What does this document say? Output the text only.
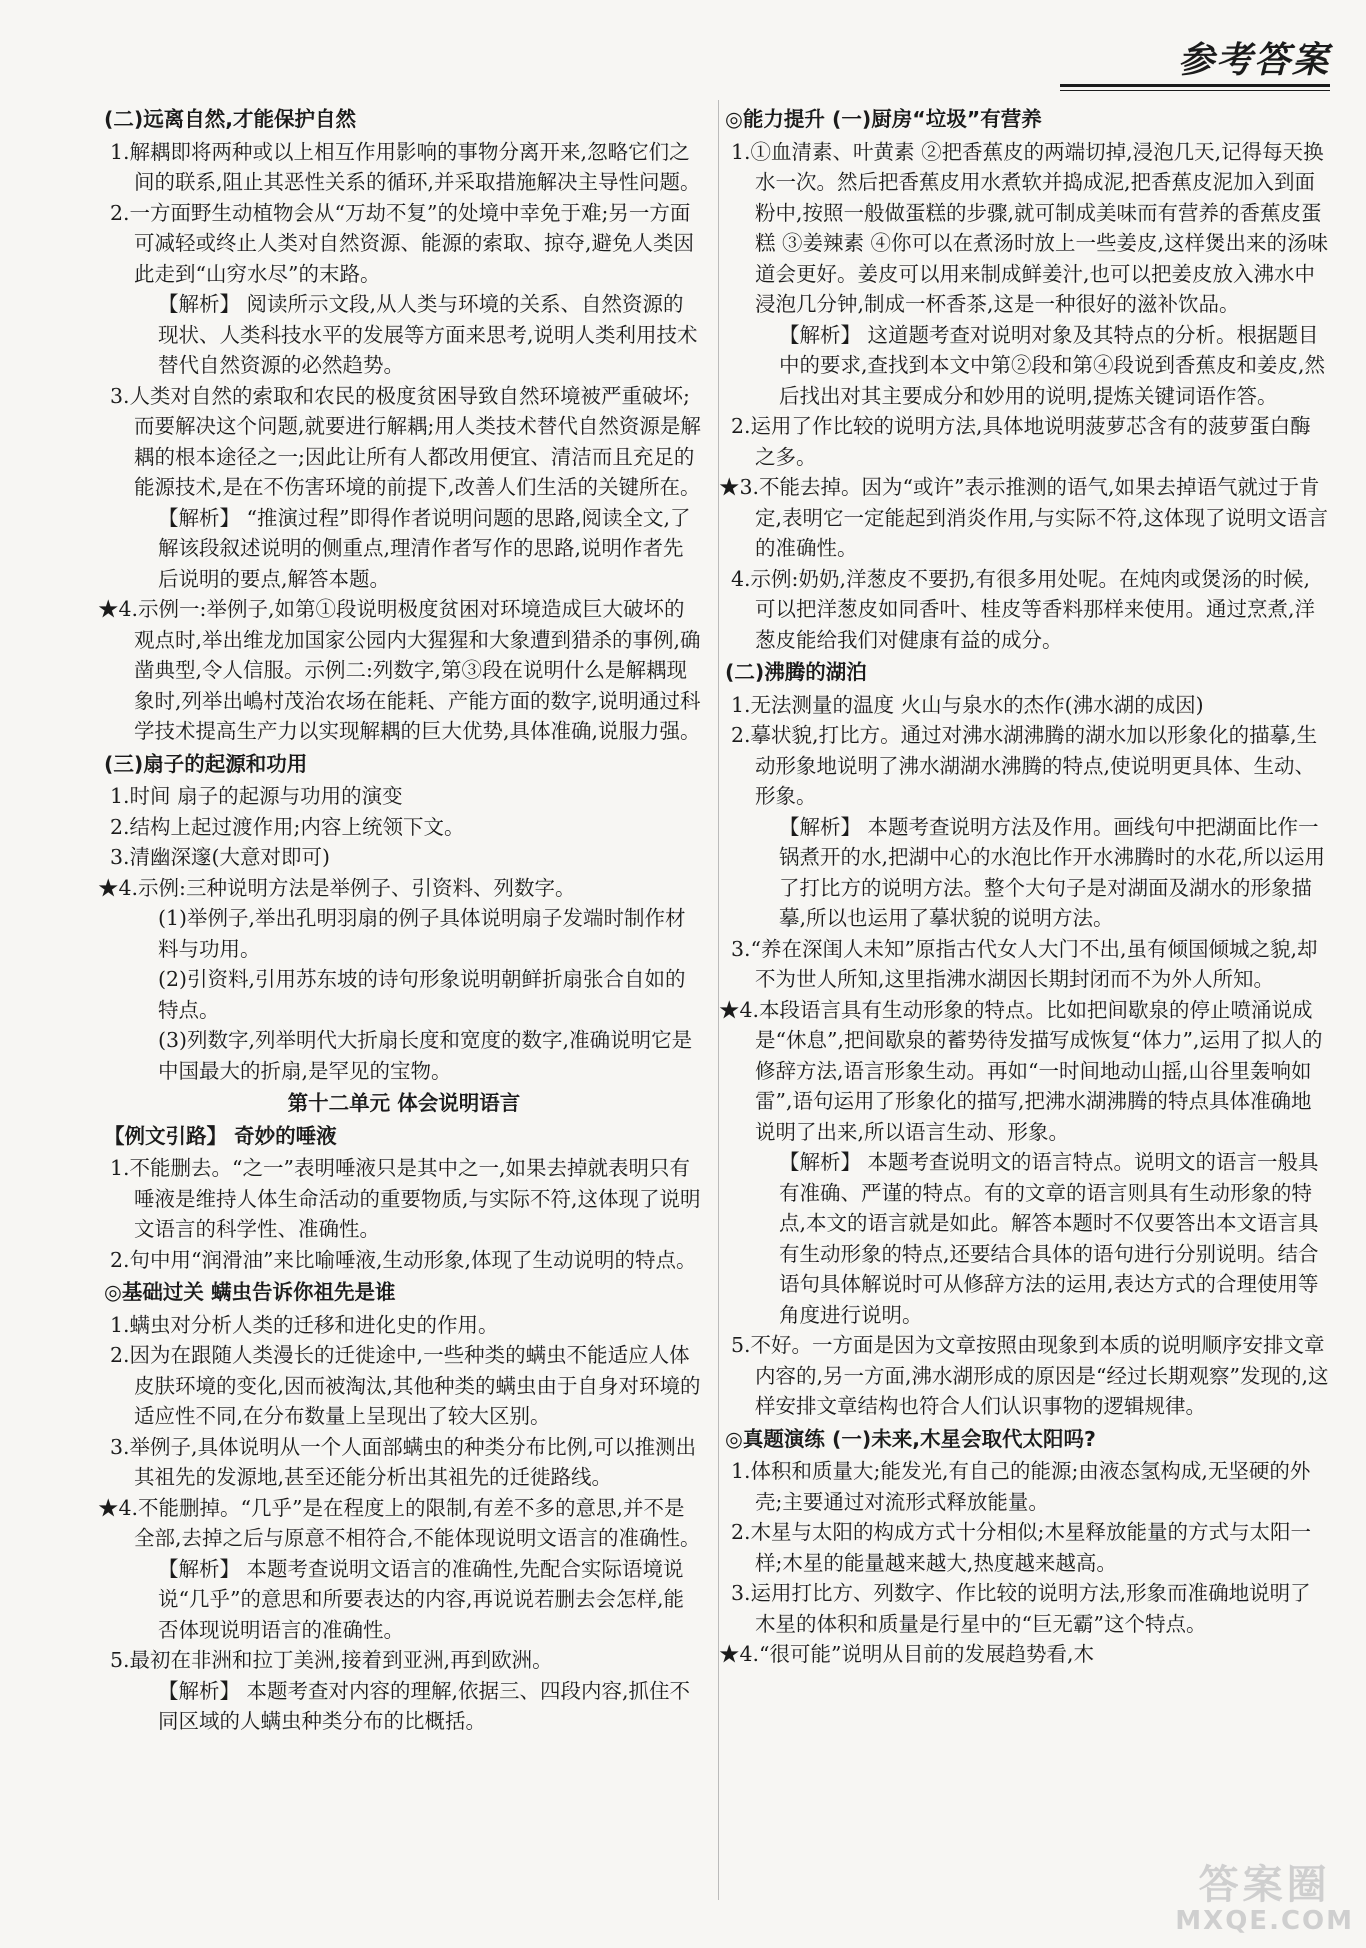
参考答案
(二)远离自然,才能保护自然
1.解耦即将两种或以上相互作用影响的事物分离开来,忽略它们之间的联系,阻止其恶性关系的循环,并采取措施解决主导性问题。
2.一方面野生动植物会从“万劫不复”的处境中幸免于难;另一方面可减轻或终止人类对自然资源、能源的索取、掠夺,避免人类因此走到“山穷水尽”的末路。
【解析】 阅读所示文段,从人类与环境的关系、自然资源的现状、人类科技水平的发展等方面来思考,说明人类利用技术替代自然资源的必然趋势。
3.人类对自然的索取和农民的极度贫困导致自然环境被严重破坏;而要解决这个问题,就要进行解耦;用人类技术替代自然资源是解耦的根本途径之一;因此让所有人都改用便宜、清洁而且充足的能源技术,是在不伤害环境的前提下,改善人们生活的关键所在。
【解析】 “推演过程”即得作者说明问题的思路,阅读全文,了解该段叙述说明的侧重点,理清作者写作的思路,说明作者先后说明的要点,解答本题。
★4.示例一:举例子,如第①段说明极度贫困对环境造成巨大破坏的观点时,举出维龙加国家公园内大猩猩和大象遭到猎杀的事例,确凿典型,令人信服。示例二:列数字,第③段在说明什么是解耦现象时,列举出嶋村茂治农场在能耗、产能方面的数字,说明通过科学技术提高生产力以实现解耦的巨大优势,具体准确,说服力强。
(三)扇子的起源和功用
1.时间 扇子的起源与功用的演变
2.结构上起过渡作用;内容上统领下文。
3.清幽深邃(大意对即可)
★4.示例:三种说明方法是举例子、引资料、列数字。
(1)举例子,举出孔明羽扇的例子具体说明扇子发端时制作材料与功用。
(2)引资料,引用苏东坡的诗句形象说明朝鲜折扇张合自如的特点。
(3)列数字,列举明代大折扇长度和宽度的数字,准确说明它是中国最大的折扇,是罕见的宝物。
第十二单元 体会说明语言
【例文引路】 奇妙的唾液
1.不能删去。“之一”表明唾液只是其中之一,如果去掉就表明只有唾液是维持人体生命活动的重要物质,与实际不符,这体现了说明文语言的科学性、准确性。
2.句中用“润滑油”来比喻唾液,生动形象,体现了生动说明的特点。
◎基础过关 螨虫告诉你祖先是谁
1.螨虫对分析人类的迁移和进化史的作用。
2.因为在跟随人类漫长的迁徙途中,一些种类的螨虫不能适应人体皮肤环境的变化,因而被淘汰,其他种类的螨虫由于自身对环境的适应性不同,在分布数量上呈现出了较大区别。
3.举例子,具体说明从一个人面部螨虫的种类分布比例,可以推测出其祖先的发源地,甚至还能分析出其祖先的迁徙路线。
★4.不能删掉。“几乎”是在程度上的限制,有差不多的意思,并不是全部,去掉之后与原意不相符合,不能体现说明文语言的准确性。
【解析】 本题考查说明文语言的准确性,先配合实际语境说说“几乎”的意思和所要表达的内容,再说说若删去会怎样,能否体现说明语言的准确性。
5.最初在非洲和拉丁美洲,接着到亚洲,再到欧洲。
【解析】 本题考查对内容的理解,依据三、四段内容,抓住不同区域的人螨虫种类分布的比概括。
◎能力提升 (一)厨房“垃圾”有营养
1.①血清素、叶黄素 ②把香蕉皮的两端切掉,浸泡几天,记得每天换水一次。然后把香蕉皮用水煮软并捣成泥,把香蕉皮泥加入到面粉中,按照一般做蛋糕的步骤,就可制成美味而有营养的香蕉皮蛋糕 ③姜辣素 ④你可以在煮汤时放上一些姜皮,这样煲出来的汤味道会更好。姜皮可以用来制成鲜姜汁,也可以把姜皮放入沸水中浸泡几分钟,制成一杯香茶,这是一种很好的滋补饮品。
【解析】 这道题考查对说明对象及其特点的分析。根据题目中的要求,查找到本文中第②段和第④段说到香蕉皮和姜皮,然后找出对其主要成分和妙用的说明,提炼关键词语作答。
2.运用了作比较的说明方法,具体地说明菠萝芯含有的菠萝蛋白酶之多。
★3.不能去掉。因为“或许”表示推测的语气,如果去掉语气就过于肯定,表明它一定能起到消炎作用,与实际不符,这体现了说明文语言的准确性。
4.示例:奶奶,洋葱皮不要扔,有很多用处呢。在炖肉或煲汤的时候,可以把洋葱皮如同香叶、桂皮等香料那样来使用。通过烹煮,洋葱皮能给我们对健康有益的成分。
(二)沸腾的湖泊
1.无法测量的温度 火山与泉水的杰作(沸水湖的成因)
2.摹状貌,打比方。通过对沸水湖沸腾的湖水加以形象化的描摹,生动形象地说明了沸水湖湖水沸腾的特点,使说明更具体、生动、形象。
【解析】 本题考查说明方法及作用。画线句中把湖面比作一锅煮开的水,把湖中心的水泡比作开水沸腾时的水花,所以运用了打比方的说明方法。整个大句子是对湖面及湖水的形象描摹,所以也运用了摹状貌的说明方法。
3.“养在深闺人未知”原指古代女人大门不出,虽有倾国倾城之貌,却不为世人所知,这里指沸水湖因长期封闭而不为外人所知。
★4.本段语言具有生动形象的特点。比如把间歇泉的停止喷涌说成是“休息”,把间歇泉的蓄势待发描写成恢复“体力”,运用了拟人的修辞方法,语言形象生动。再如“一时间地动山摇,山谷里轰响如雷”,语句运用了形象化的描写,把沸水湖沸腾的特点具体准确地说明了出来,所以语言生动、形象。
【解析】 本题考查说明文的语言特点。说明文的语言一般具有准确、严谨的特点。有的文章的语言则具有生动形象的特点,本文的语言就是如此。解答本题时不仅要答出本文语言具有生动形象的特点,还要结合具体的语句进行分别说明。结合语句具体解说时可从修辞方法的运用,表达方式的合理使用等角度进行说明。
5.不好。一方面是因为文章按照由现象到本质的说明顺序安排文章内容的,另一方面,沸水湖形成的原因是“经过长期观察”发现的,这样安排文章结构也符合人们认识事物的逻辑规律。
◎真题演练 (一)未来,木星会取代太阳吗?
1.体积和质量大;能发光,有自己的能源;由液态氢构成,无坚硬的外壳;主要通过对流形式释放能量。
2.木星与太阳的构成方式十分相似;木星释放能量的方式与太阳一样;木星的能量越来越大,热度越来越高。
3.运用打比方、列数字、作比较的说明方法,形象而准确地说明了木星的体积和质量是行星中的“巨无霸”这个特点。
★4.“很可能”说明从目前的发展趋势看,木
答案圈
MXQE.COM
